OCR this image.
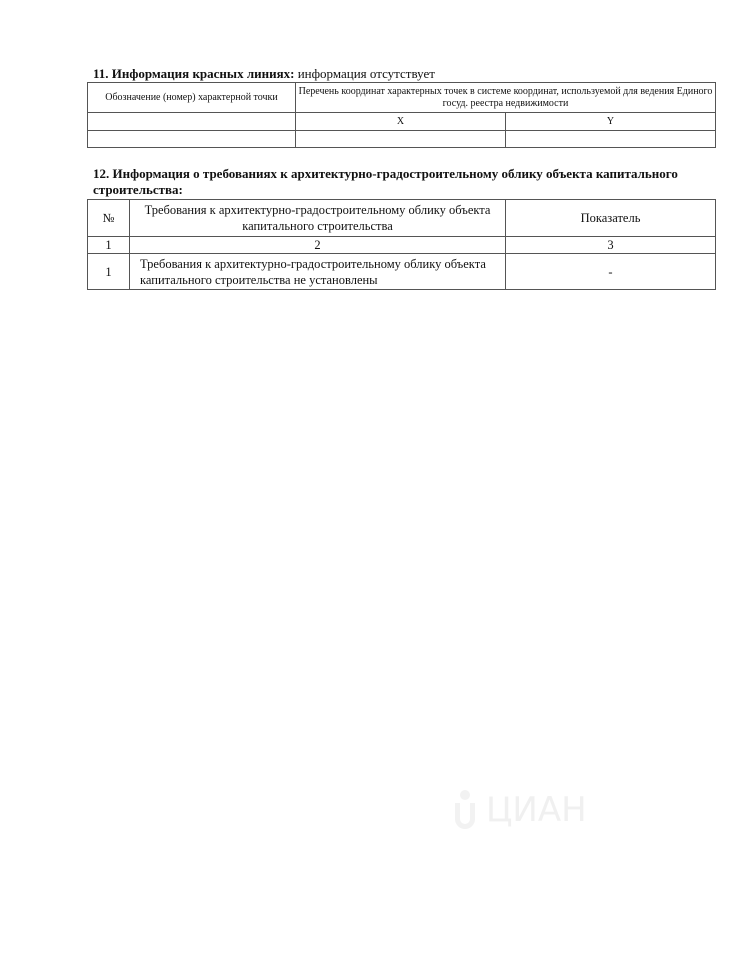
11. Информация красных линиях: информация отсутствует
Обозначение (номер) характерной точки	Перечень координат характерных точек в системе координат, используемой для ведения Единого госуд. реестра недвижимости	
	X	Y

12. Информация о требованиях к архитектурно-градостроительному облику объекта капитального строительства:
№	Требования к архитектурно-градостроительному облику объекта капитального строительства	Показатель
1	2	3
1	Требования к архитектурно-градостроительному облику объекта капитального строительства не установлены	-
ЦИАН
